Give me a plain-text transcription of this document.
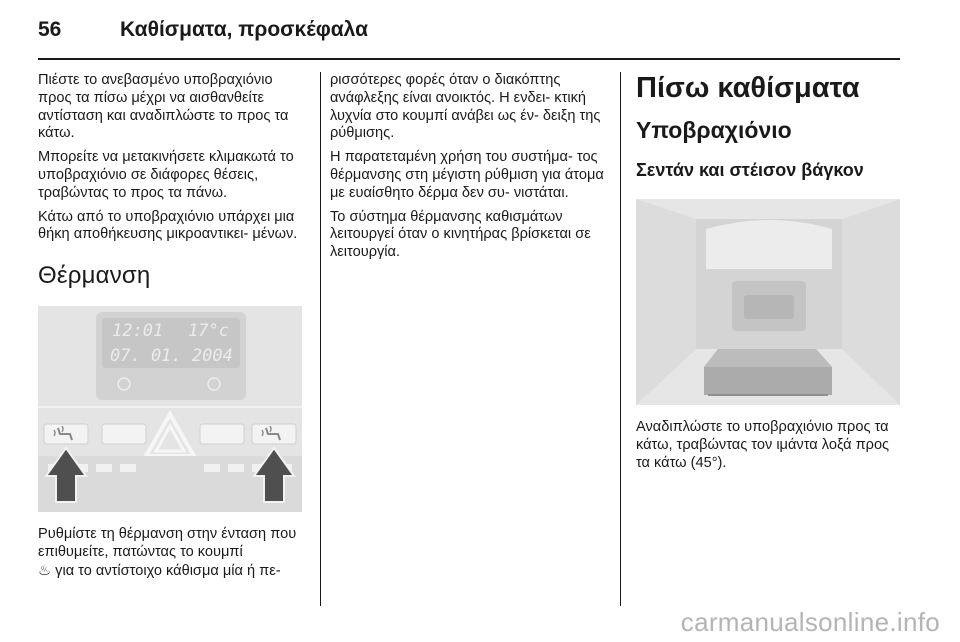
56	Καθίσματα, προσκέφαλα

Πιέστε το ανεβασμένο υποβραχιόνιο προς τα πίσω μέχρι να αισθανθείτε αντίσταση και αναδιπλώστε το προς τα κάτω.

Μπορείτε να μετακινήσετε κλιμακωτά το υποβραχιόνιο σε διάφορες θέσεις, τραβώντας το προς τα πάνω.

Κάτω από το υποβραχιόνιο υπάρχει μια θήκη αποθήκευσης μικροαντικει- μένων.

Θέρμανση
12:01 17°c
07. 01. 2004

Ρυθμίστε τη θέρμανση στην ένταση που επιθυμείτε, πατώντας το κουμπί
♨ για το αντίστοιχο κάθισμα μία ή πε-

ρισσότερες φορές όταν ο διακόπτης ανάφλεξης είναι ανοικτός. Η ενδει- κτική λυχνία στο κουμπί ανάβει ως έν- δειξη της ρύθμισης.

Η παρατεταμένη χρήση του συστήμα- τος θέρμανσης στη μέγιστη ρύθμιση για άτομα με ευαίσθητο δέρμα δεν συ- νιστάται.

Το σύστημα θέρμανσης καθισμάτων λειτουργεί όταν ο κινητήρας βρίσκεται σε λειτουργία.

Πίσω καθίσματα
Υποβραχιόνιο
Σεντάν και στέισον βάγκον

Αναδιπλώστε το υποβραχιόνιο προς τα κάτω, τραβώντας τον ιμάντα λοξά προς τα κάτω (45°).

carmanualsonline.info
